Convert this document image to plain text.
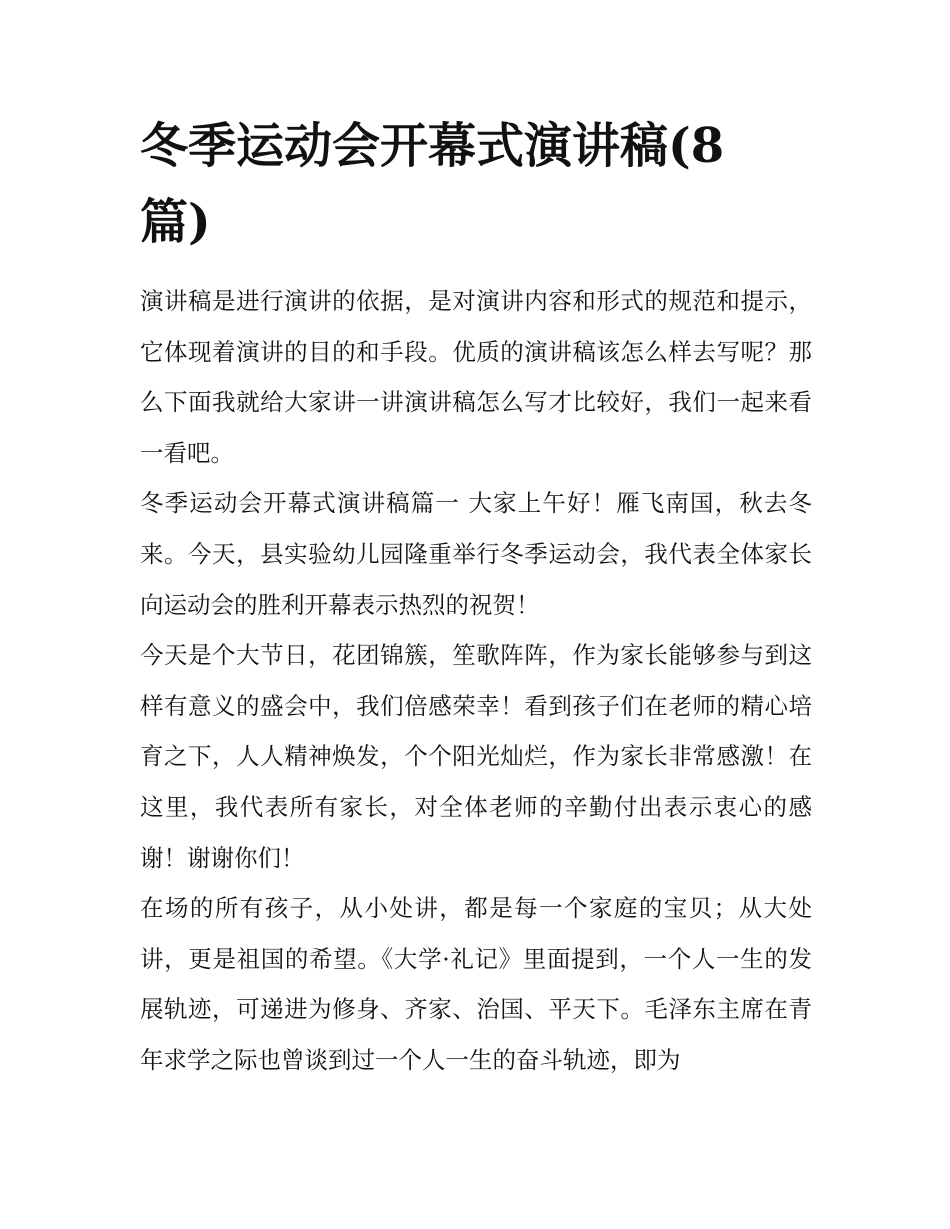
冬季运动会开幕式演讲稿(8篇)

演讲稿是进行演讲的依据，是对演讲内容和形式的规范和提示，它体现着演讲的目的和手段。优质的演讲稿该怎么样去写呢？那么下面我就给大家讲一讲演讲稿怎么写才比较好，我们一起来看一看吧。

冬季运动会开幕式演讲稿篇一 大家上午好！雁飞南国，秋去冬来。今天，县实验幼儿园隆重举行冬季运动会，我代表全体家长向运动会的胜利开幕表示热烈的祝贺！

今天是个大节日，花团锦簇，笙歌阵阵，作为家长能够参与到这样有意义的盛会中，我们倍感荣幸！看到孩子们在老师的精心培育之下，人人精神焕发，个个阳光灿烂，作为家长非常感激！在这里，我代表所有家长，对全体老师的辛勤付出表示衷心的感谢！谢谢你们！

在场的所有孩子，从小处讲，都是每一个家庭的宝贝；从大处讲，更是祖国的希望。《大学·礼记》里面提到，一个人一生的发展轨迹，可递进为修身、齐家、治国、平天下。毛泽东主席在青年求学之际也曾谈到过一个人一生的奋斗轨迹，即为
